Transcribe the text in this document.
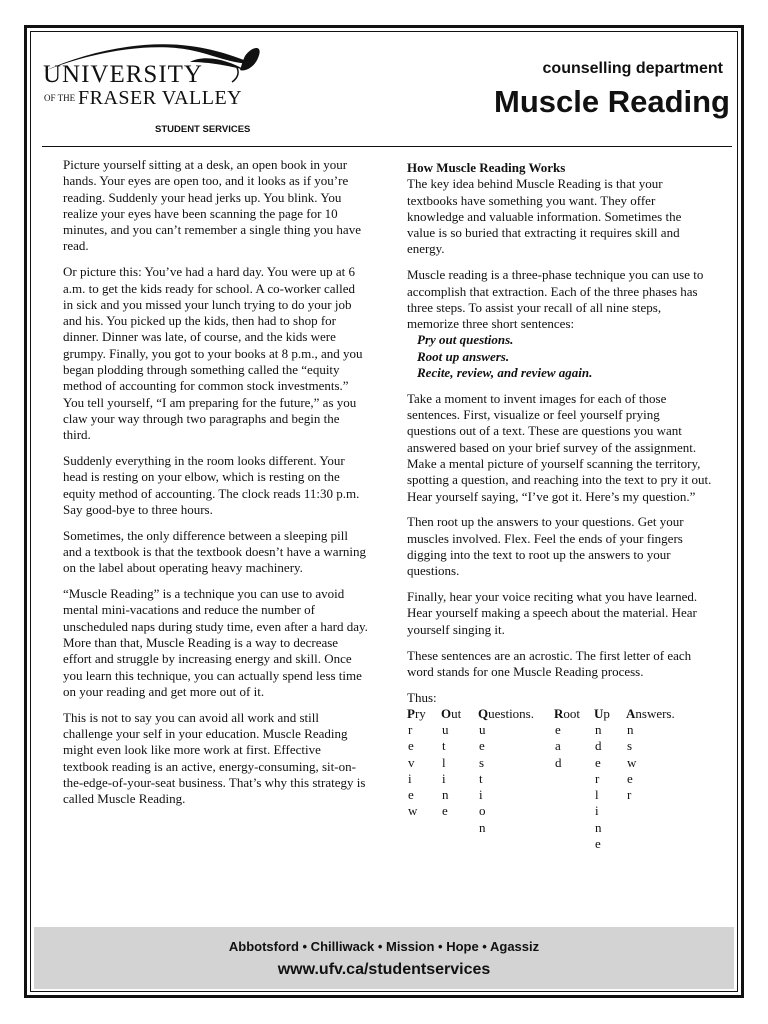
UNIVERSITY
OF THE FRASER VALLEY
STUDENT SERVICES
counselling department
Muscle Reading

Picture yourself sitting at a desk, an open book in your hands. Your eyes are open too, and it looks as if you’re reading. Suddenly your head jerks up. You blink. You realize your eyes have been scanning the page for 10 minutes, and you can’t remember a single thing you have read.

Or picture this: You’ve had a hard day. You were up at 6 a.m. to get the kids ready for school. A co-worker called in sick and you missed your lunch trying to do your job and his. You picked up the kids, then had to shop for dinner. Dinner was late, of course, and the kids were grumpy. Finally, you got to your books at 8 p.m., and you began plodding through something called the “equity method of accounting for common stock investments.” You tell yourself, “I am preparing for the future,” as you claw your way through two paragraphs and begin the third.

Suddenly everything in the room looks different. Your head is resting on your elbow, which is resting on the equity method of accounting. The clock reads 11:30 p.m. Say good-bye to three hours.

Sometimes, the only difference between a sleeping pill and a textbook is that the textbook doesn’t have a warning on the label about operating heavy machinery.

“Muscle Reading” is a technique you can use to avoid mental mini-vacations and reduce the number of unscheduled naps during study time, even after a hard day. More than that, Muscle Reading is a way to decrease effort and struggle by increasing energy and skill. Once you learn this technique, you can actually spend less time on your reading and get more out of it.

This is not to say you can avoid all work and still challenge your self in your education. Muscle Reading might even look like more work at first. Effective textbook reading is an active, energy-consuming, sit-on-the-edge-of-your-seat business. That’s why this strategy is called Muscle Reading.

How Muscle Reading Works

The key idea behind Muscle Reading is that your textbooks have something you want. They offer knowledge and valuable information. Sometimes the value is so buried that extracting it requires skill and energy.

Muscle reading is a three-phase technique you can use to accomplish that extraction. Each of the three phases has three steps. To assist your recall of all nine steps, memorize three short sentences:

Pry out questions.
Root up answers.
Recite, review, and review again.

Take a moment to invent images for each of those sentences. First, visualize or feel yourself prying questions out of a text. These are questions you want answered based on your brief survey of the assignment. Make a mental picture of yourself scanning the territory, spotting a question, and reaching into the text to pry it out. Hear yourself saying, “I’ve got it. Here’s my question.”

Then root up the answers to your questions. Get your muscles involved. Flex. Feel the ends of your fingers digging into the text to root up the answers to your questions.

Finally, hear your voice reciting what you have learned. Hear yourself making a speech about the material. Hear yourself singing it.

These sentences are an acrostic. The first letter of each word stands for one Muscle Reading process.

Thus:
Pry
r
e
v
i
e
w
Out
u
t
l
i
n
e
Questions.
u
e
s
t
i
o
n
Root
e
a
d
Up
n
d
e
r
l
i
n
e
Answers.
n
s
w
e
r
Abbotsford • Chilliwack • Mission • Hope • Agassiz
www.ufv.ca/studentservices
